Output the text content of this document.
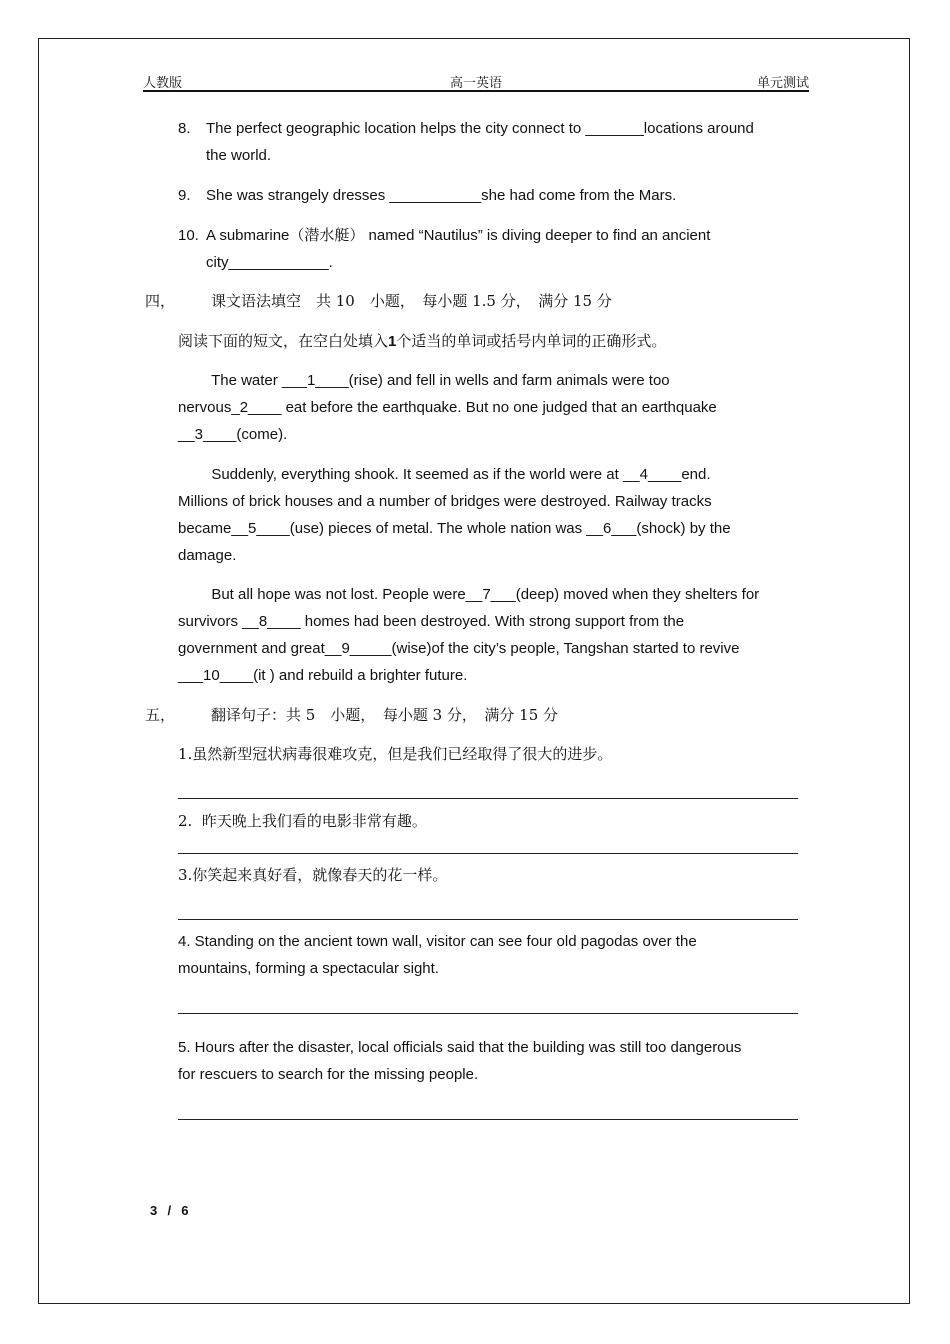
人教版	高一英语	单元测试
8. The perfect geographic location helps the city connect to _______locations around
the world.
9. She was strangely dresses ___________she had come from the Mars.
10. A submarine（潜水艇） named “Nautilus” is diving deeper to find an ancient
city____________.
四， 课文语法填空　共 10　小题，　每小题 1.5 分，　满分 15 分
阅读下面的短文，在空白处填入1个适当的单词或括号内单词的正确形式。
The water ___1____(rise) and fell in wells and farm animals were too
nervous_2____ eat before the earthquake. But no one judged that an earthquake
__3____(come).
Suddenly, everything shook. It seemed as if the world were at __4____end.
Millions of brick houses and a number of bridges were destroyed. Railway tracks
became__5____(use) pieces of metal. The whole nation was __6___(shock) by the
damage.
But all hope was not lost. People were__7___(deep) moved when they shelters for
survivors __8____ homes had been destroyed. With strong support from the
government and great__9_____(wise)of the city’s people, Tangshan started to revive
___10____(it ) and rebuild a brighter future.
五， 翻译句子：共 5　小题，　每小题 3 分，　满分 15 分
1.虽然新型冠状病毒很难攻克，但是我们已经取得了很大的进步。
2.  昨天晚上我们看的电影非常有趣。
3.你笑起来真好看，就像春天的花一样。
4. Standing on the ancient town wall, visitor can see four old pagodas over the
mountains, forming a spectacular sight.
5. Hours after the disaster, local officials said that the building was still too dangerous
for rescuers to search for the missing people.
3  /  6
